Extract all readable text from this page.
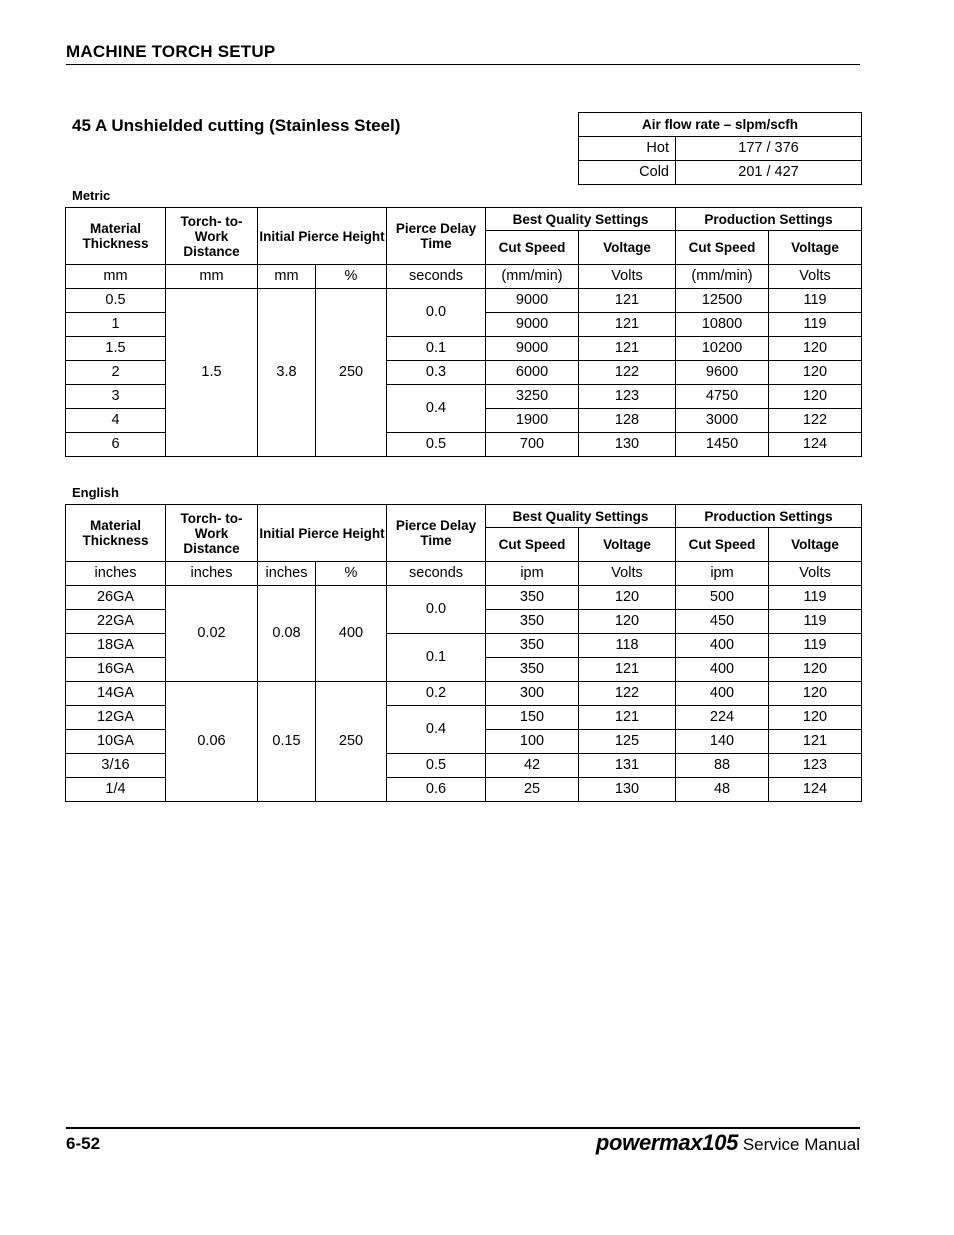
MACHINE TORCH SETUP
45 A Unshielded cutting (Stainless Steel)	Air flow rate – slpm/scfh	
Hot	177 / 376
Cold	201 / 427
Metric
Material Thickness	Torch- to-Work Distance	Initial Pierce Height		Pierce Delay Time	Best Quality Settings		Production Settings	
					Cut Speed	Voltage	Cut Speed	Voltage
mm	mm	mm	%	seconds	(mm/min)	Volts	(mm/min)	Volts
0.5	1.5	3.8	250	0.0	9000	121	12500	119
1					9000	121	10800	119
1.5				0.1	9000	121	10200	120
2				0.3	6000	122	9600	120
3				0.4	3250	123	4750	120
4					1900	128	3000	122
6				0.5	700	130	1450	124
English
Material Thickness	Torch- to-Work Distance	Initial Pierce Height		Pierce Delay Time	Best Quality Settings		Production Settings	
					Cut Speed	Voltage	Cut Speed	Voltage
inches	inches	inches	%	seconds	ipm	Volts	ipm	Volts
26GA	0.02	0.08	400	0.0	350	120	500	119
22GA					350	120	450	119
18GA				0.1	350	118	400	119
16GA					350	121	400	120
14GA	0.06	0.15	250	0.2	300	122	400	120
12GA				0.4	150	121	224	120
10GA					100	125	140	121
3/16				0.5	42	131	88	123
1/4				0.6	25	130	48	124
6-52	powermax105 Service Manual
